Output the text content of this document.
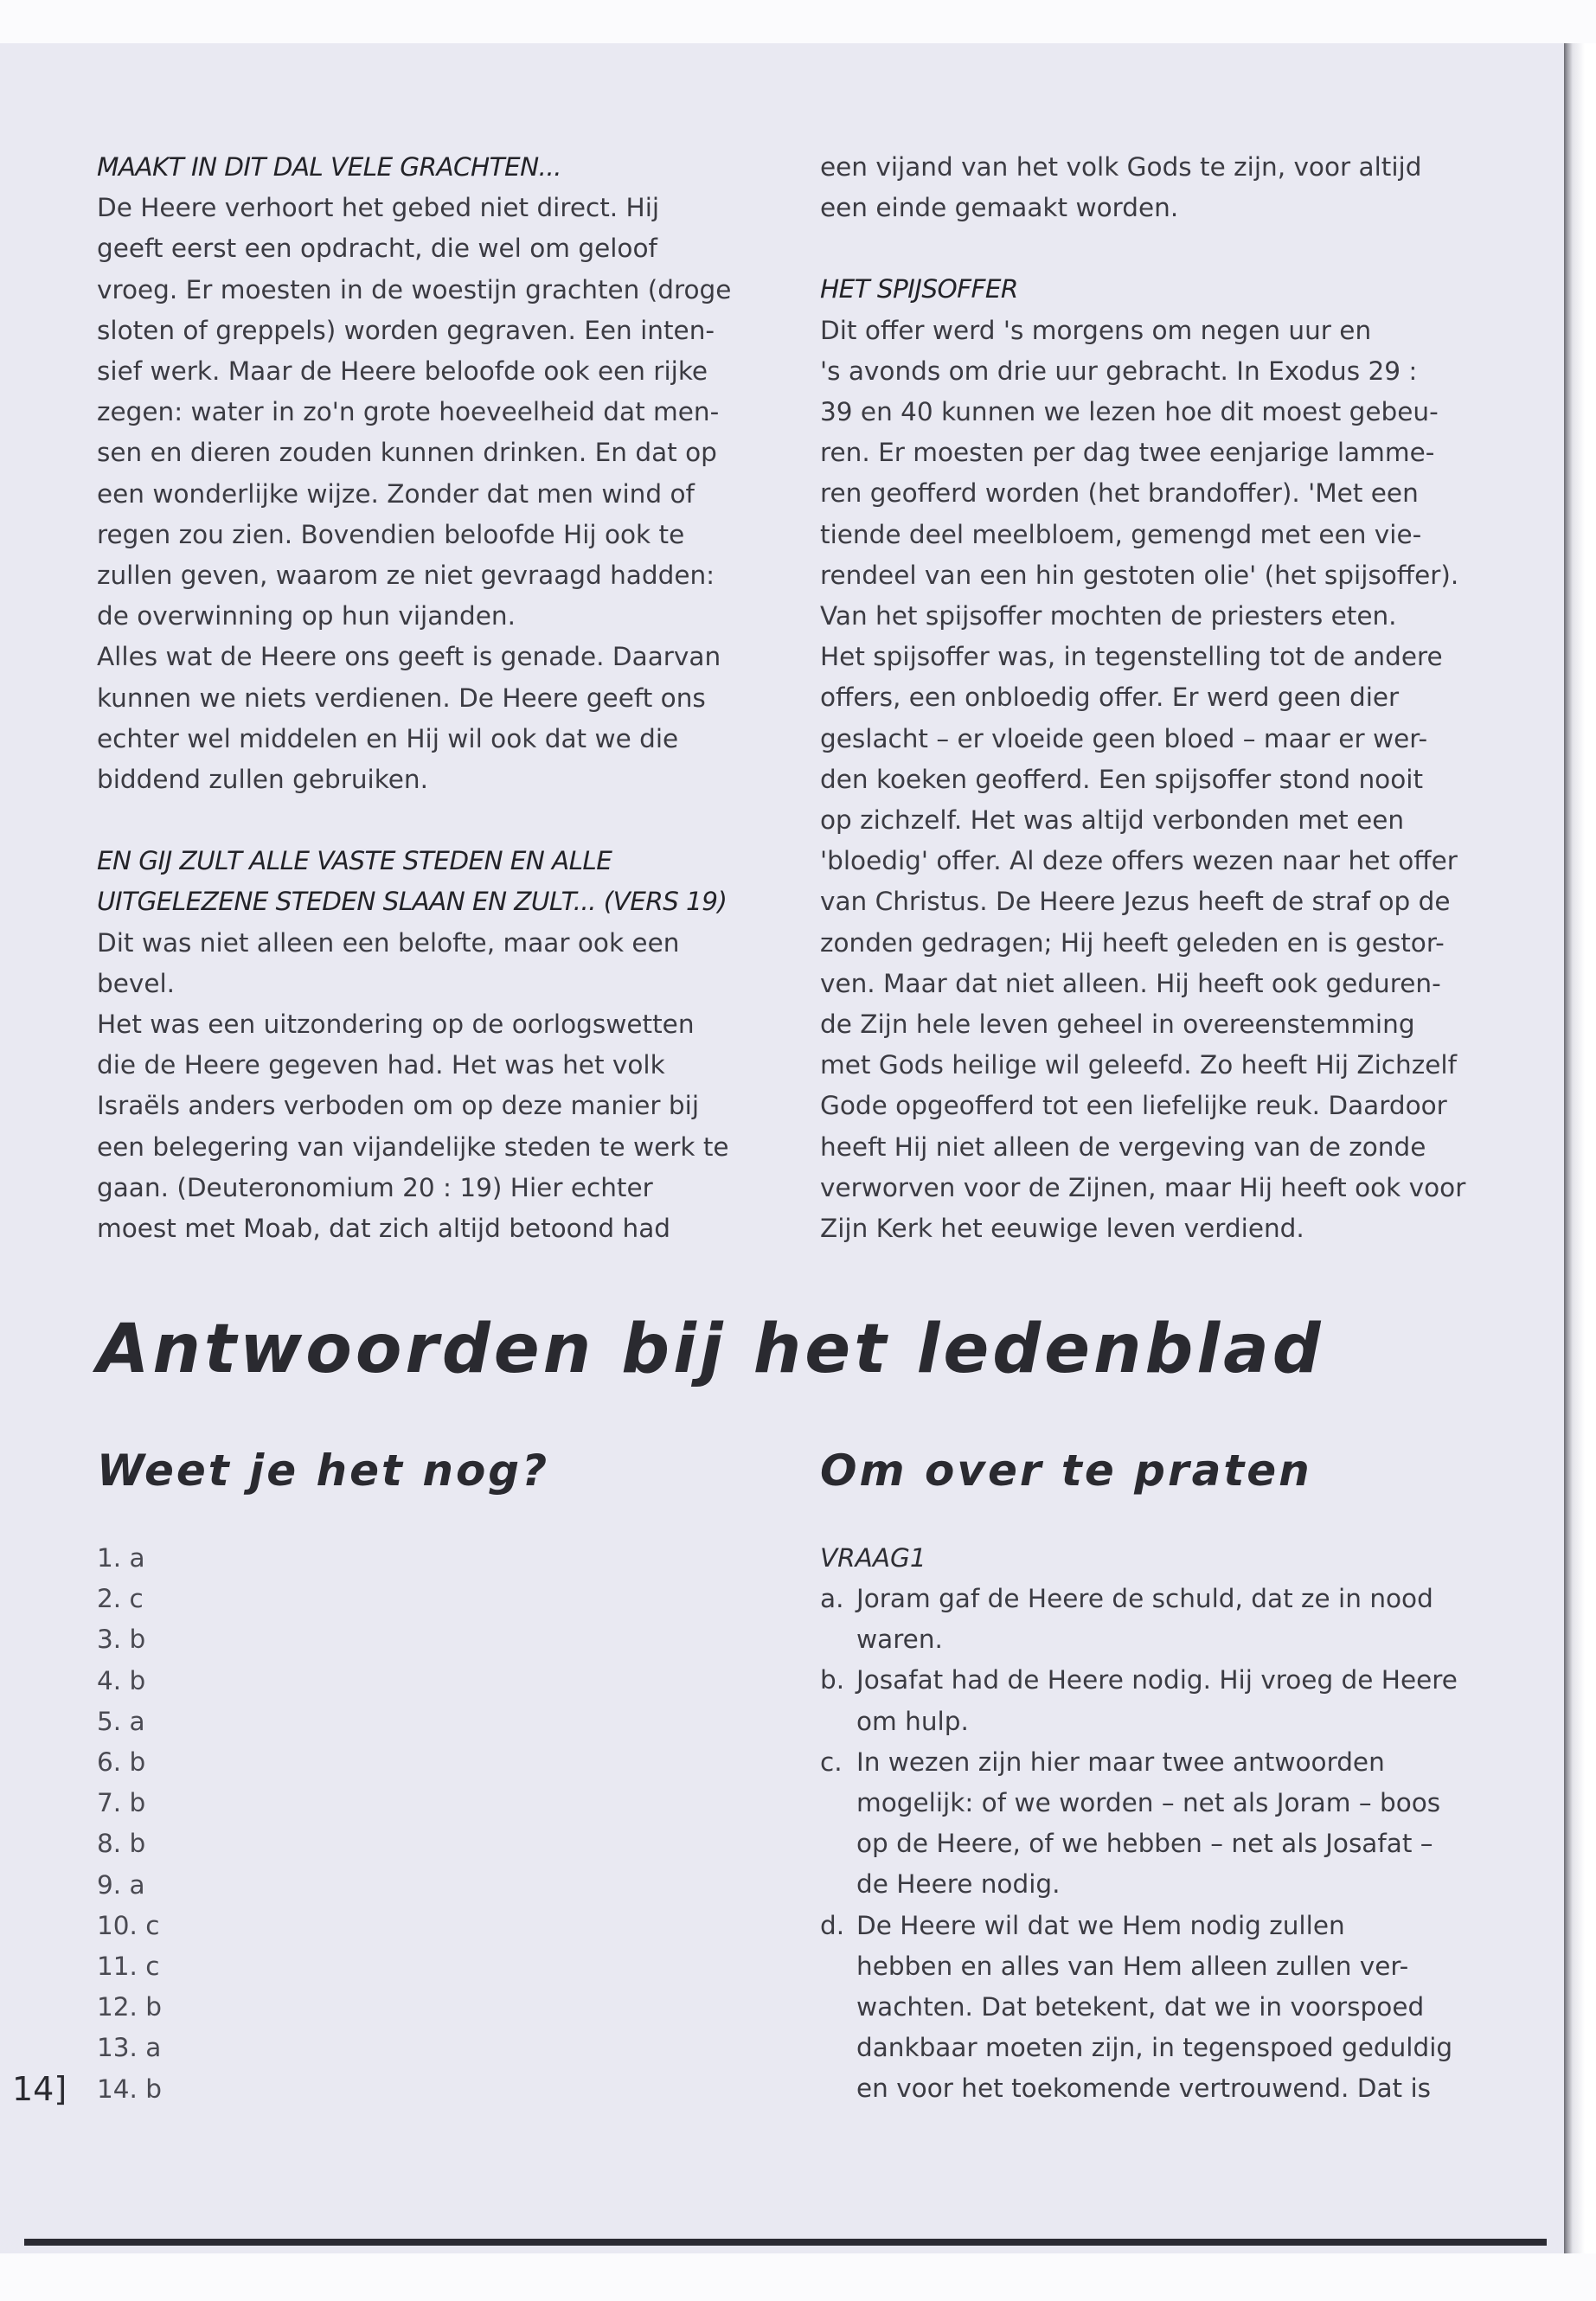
MAAKT IN DIT DAL VELE GRACHTEN...

De Heere verhoort het gebed niet direct. Hij

geeft eerst een opdracht, die wel om geloof

vroeg. Er moesten in de woestijn grachten (droge

sloten of greppels) worden gegraven. Een inten-

sief werk. Maar de Heere beloofde ook een rijke

zegen: water in zo'n grote hoeveelheid dat men-

sen en dieren zouden kunnen drinken. En dat op

een wonderlijke wijze. Zonder dat men wind of

regen zou zien. Bovendien beloofde Hij ook te

zullen geven, waarom ze niet gevraagd hadden:

de overwinning op hun vijanden.

Alles wat de Heere ons geeft is genade. Daarvan

kunnen we niets verdienen. De Heere geeft ons

echter wel middelen en Hij wil ook dat we die

biddend zullen gebruiken.

EN GIJ ZULT ALLE VASTE STEDEN EN ALLE

UITGELEZENE STEDEN SLAAN EN ZULT... (VERS 19)

Dit was niet alleen een belofte, maar ook een

bevel.

Het was een uitzondering op de oorlogswetten

die de Heere gegeven had. Het was het volk

Israëls anders verboden om op deze manier bij

een belegering van vijandelijke steden te werk te

gaan. (Deuteronomium 20 : 19) Hier echter

moest met Moab, dat zich altijd betoond had

een vijand van het volk Gods te zijn, voor altijd

een einde gemaakt worden.

HET SPIJSOFFER

Dit offer werd 's morgens om negen uur en

's avonds om drie uur gebracht. In Exodus 29 :

39 en 40 kunnen we lezen hoe dit moest gebeu-

ren. Er moesten per dag twee eenjarige lamme-

ren geofferd worden (het brandoffer). 'Met een

tiende deel meelbloem, gemengd met een vie-

rendeel van een hin gestoten olie' (het spijsoffer).

Van het spijsoffer mochten de priesters eten.

Het spijsoffer was, in tegenstelling tot de andere

offers, een onbloedig offer. Er werd geen dier

geslacht – er vloeide geen bloed – maar er wer-

den koeken geofferd. Een spijsoffer stond nooit

op zichzelf. Het was altijd verbonden met een

'bloedig' offer. Al deze offers wezen naar het offer

van Christus. De Heere Jezus heeft de straf op de

zonden gedragen; Hij heeft geleden en is gestor-

ven. Maar dat niet alleen. Hij heeft ook geduren-

de Zijn hele leven geheel in overeenstemming

met Gods heilige wil geleefd. Zo heeft Hij Zichzelf

Gode opgeofferd tot een liefelijke reuk. Daardoor

heeft Hij niet alleen de vergeving van de zonde

verworven voor de Zijnen, maar Hij heeft ook voor

Zijn Kerk het eeuwige leven verdiend.

Antwoorden bij het ledenblad
Weet je het nog?	Om over te praten
1. a
2. c
3. b
4. b
5. a
6. b
7. b
8. b
9. a
10. c
11. c
12. b
13. a
14. b

VRAAG1

a. Joram gaf de Heere de schuld, dat ze in nood
waren.
b. Josafat had de Heere nodig. Hij vroeg de Heere
om hulp.
c. In wezen zijn hier maar twee antwoorden
mogelijk: of we worden – net als Joram – boos
op de Heere, of we hebben – net als Josafat –
de Heere nodig.
d. De Heere wil dat we Hem nodig zullen
hebben en alles van Hem alleen zullen ver-
wachten. Dat betekent, dat we in voorspoed
dankbaar moeten zijn, in tegenspoed geduldig
en voor het toekomende vertrouwend. Dat is

14]
